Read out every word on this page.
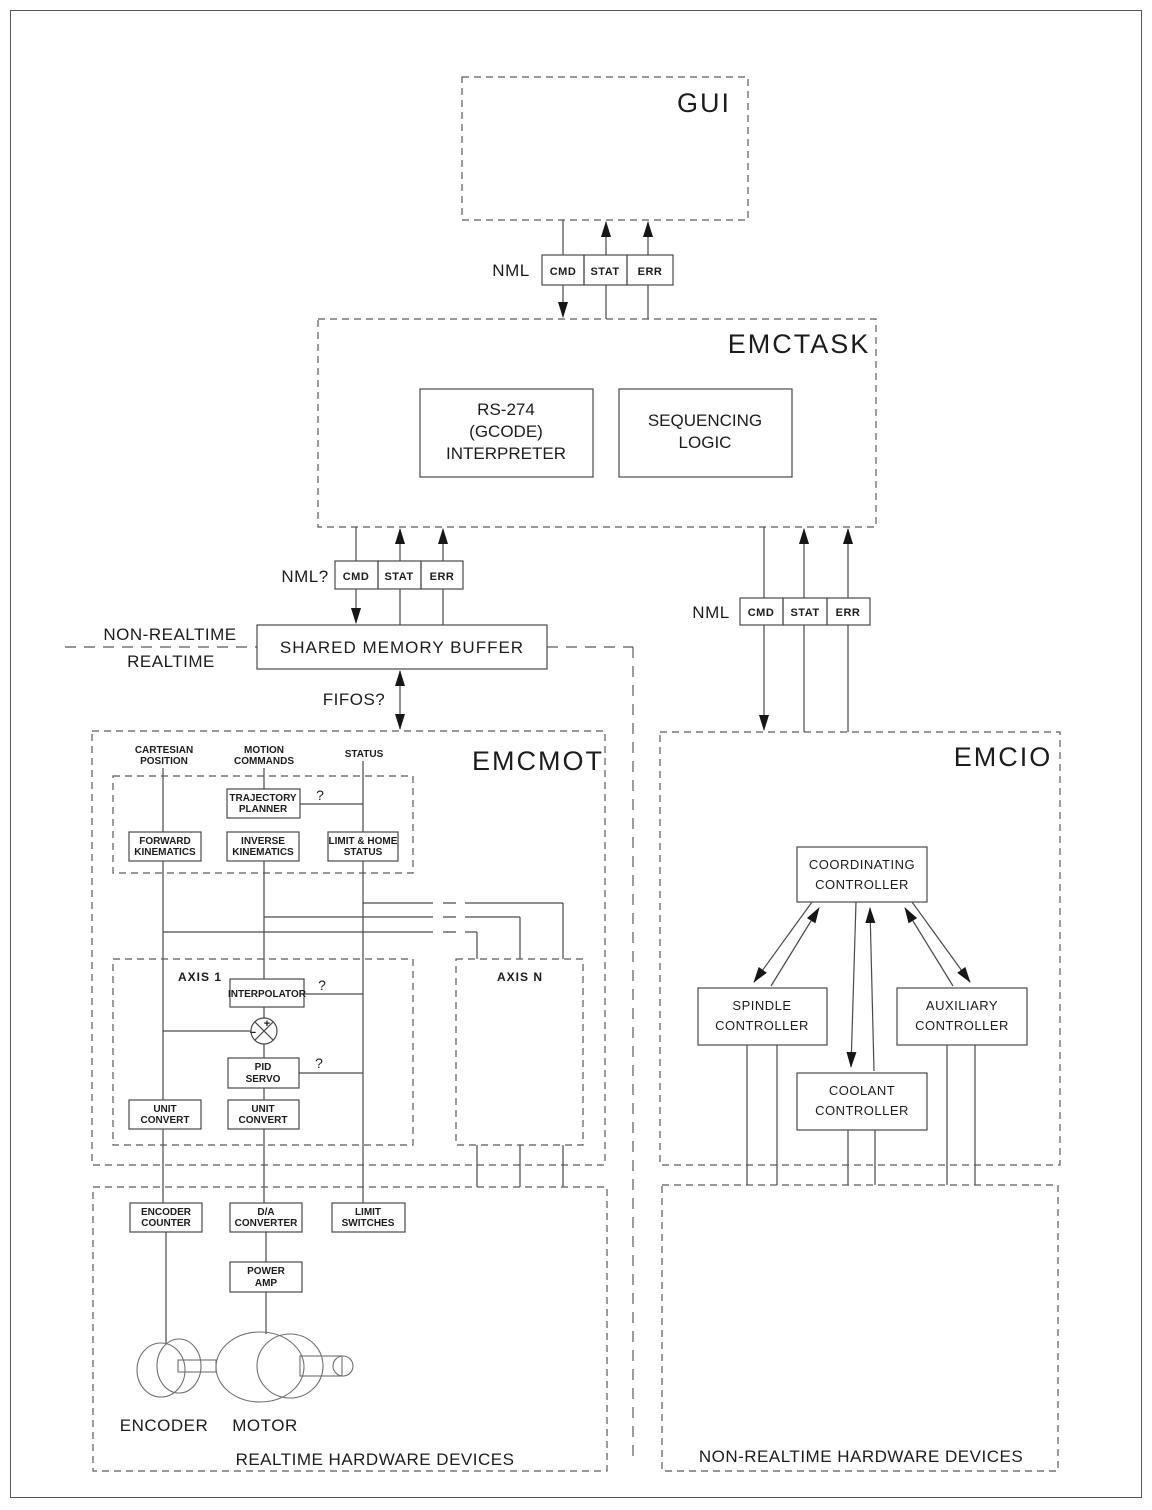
GUI
NML CMD STAT ERR
EMCTASK
RS-274
(GCODE)
INTERPRETER
SEQUENCING
LOGIC
NML? CMD STAT ERR
NML CMD STAT ERR
NON-REALTIME
REALTIME
SHARED MEMORY BUFFER
FIFOS?
EMCMOT
CARTESIAN
POSITION
MOTION
COMMANDS
STATUS
TRAJECTORY
PLANNER
?
FORWARD
KINEMATICS
INVERSE
KINEMATICS
LIMIT & HOME
STATUS
AXIS 1
INTERPOLATOR
?
+
−
PID
SERVO
?
UNIT
CONVERT
UNIT
CONVERT
AXIS N
EMCIO
COORDINATING
CONTROLLER
SPINDLE
CONTROLLER
AUXILIARY
CONTROLLER
COOLANT
CONTROLLER
ENCODER
COUNTER
D/A
CONVERTER
LIMIT
SWITCHES
POWER
AMP
ENCODER MOTOR
REALTIME HARDWARE DEVICES	NON-REALTIME HARDWARE DEVICES
